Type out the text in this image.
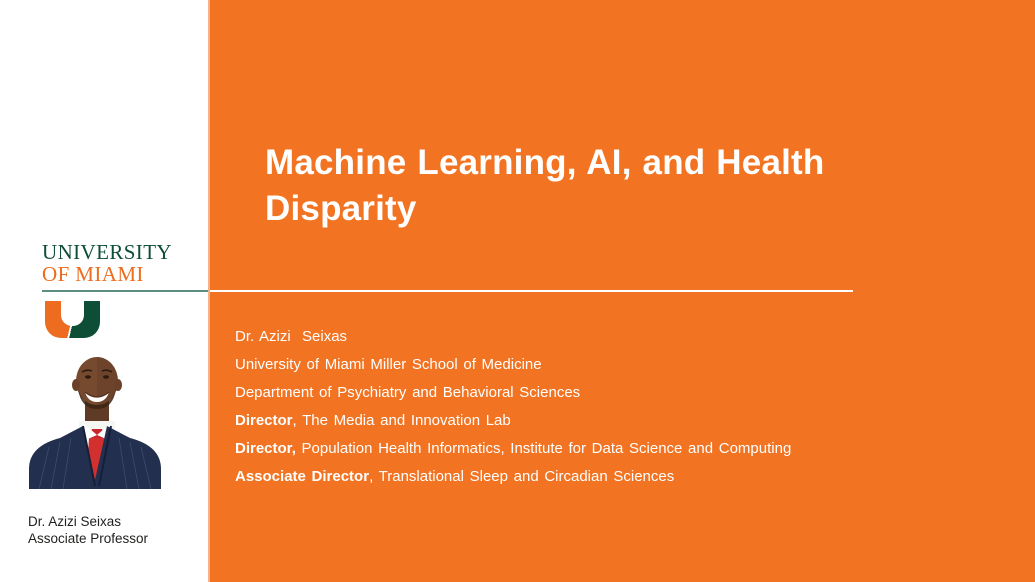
UNIVERSITY
OF MIAMI
Dr. Azizi Seixas
Associate Professor
Machine Learning, AI, and Health Disparity

Dr. Azizi  Seixas

University of Miami Miller School of Medicine

Department of Psychiatry and Behavioral Sciences

Director, The Media and Innovation Lab

Director, Population Health Informatics, Institute for Data Science and Computing

Associate Director, Translational Sleep and Circadian Sciences
